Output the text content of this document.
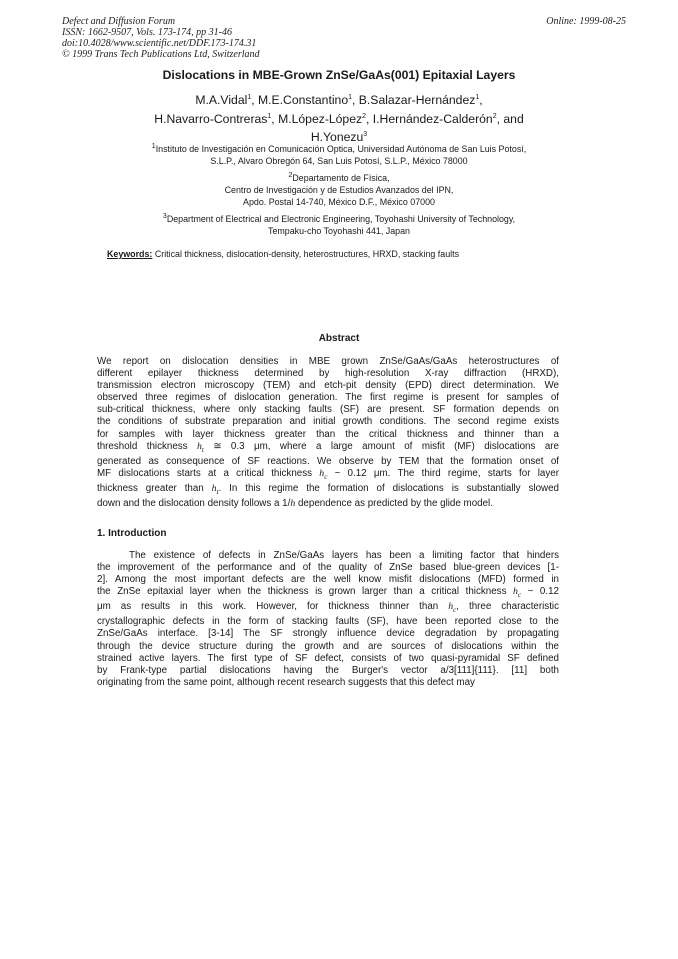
Defect and Diffusion Forum
ISSN: 1662-9507, Vols. 173-174, pp 31-46
doi:10.4028/www.scientific.net/DDF.173-174.31
© 1999 Trans Tech Publications Ltd, Switzerland
Online: 1999-08-25
Dislocations in MBE-Grown ZnSe/GaAs(001) Epitaxial Layers
M.A.Vidal$^1$, M.E.Constantino$^1$, B.Salazar-Hernández$^1$,
H.Navarro-Contreras$^1$, M.López-López$^2$, I.Hernández-Calderón$^2$, and
H.Yonezu$^3$
$^1$Instituto de Investigación en Comunicación Optica, Universidad Autónoma de San Luis Potosí,
S.L.P., Alvaro Obregón 64, San Luis Potosí, S.L.P., México 78000
$^2$Departamento de Física,
Centro de Investigación y de Estudios Avanzados del IPN,
Apdo. Postal 14-740, México D.F., México 07000
$^3$Department of Electrical and Electronic Engineering, Toyohashi University of Technology,
Tempaku-cho Toyohashi 441, Japan
Keywords: Critical thickness, dislocation-density, heterostructures, HRXD, stacking faults
Abstract
We report on dislocation densities in MBE grown ZnSe/GaAs/GaAs heterostructures of
different epilayer thickness determined by high-resolution X-ray diffraction (HRXD),
transmission electron microscopy (TEM) and etch-pit density (EPD) direct determination. We
observed three regimes of dislocation generation. The first regime is present for samples of
sub-critical thickness, where only stacking faults (SF) are present. SF formation depends on
the conditions of substrate preparation and initial growth conditions. The second regime exists
for samples with layer thickness greater than the critical thickness and thinner than a
threshold thickness $h_t$ ≅ 0.3 μm, where a large amount of misfit (MF) dislocations are
generated as consequence of SF reactions. We observe by TEM that the formation onset of
MF dislocations starts at a critical thickness $h_c$ ~ 0.12 μm. The third regime, starts for layer
thickness greater than $h_t$. In this regime the formation of dislocations is substantially slowed
down and the dislocation density follows a 1/h dependence as predicted by the glide model.
1. Introduction
The existence of defects in ZnSe/GaAs layers has been a limiting factor that hinders
the improvement of the performance and of the quality of ZnSe based blue-green devices [1-
2]. Among the most important defects are the well know misfit dislocations (MFD) formed in
the ZnSe epitaxial layer when the thickness is grown larger than a critical thickness $h_c$ ~ 0.12
μm as results in this work. However, for thickness thinner than $h_c$, three characteristic
crystallographic defects in the form of stacking faults (SF), have been reported close to the
ZnSe/GaAs interface. [3-14] The SF strongly influence device degradation by propagating
through the device structure during the growth and are sources of dislocations within the
strained active layers. The first type of SF defect, consists of two quasi-pyramidal SF defined
by Frank-type partial dislocations having the Burger's vector a/3[111]{111}. [11] both
originating from the same point, although recent research suggests that this defect may
